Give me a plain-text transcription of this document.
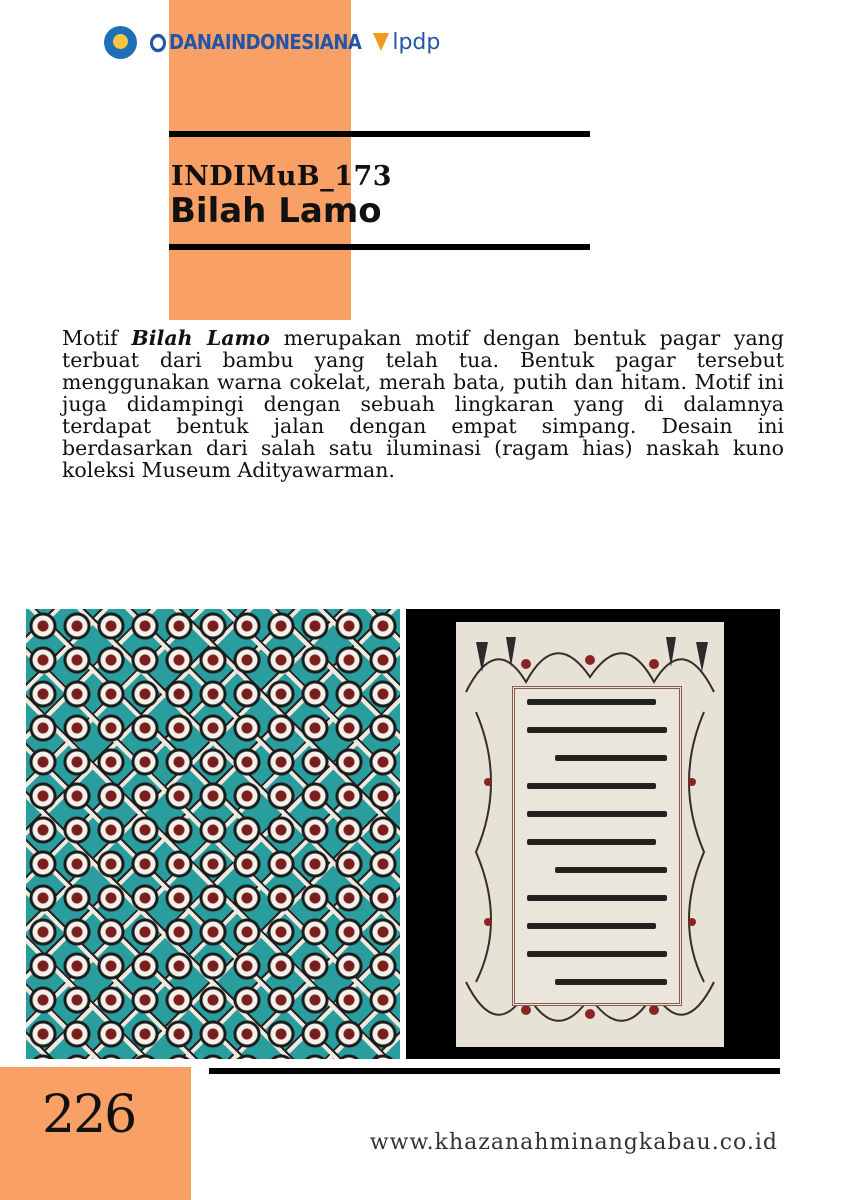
DANAINDONESIANA lpdp
INDIMuB_173
Bilah Lamo

Motif Bilah Lamo merupakan motif dengan bentuk pagar yang terbuat dari bambu yang telah tua. Bentuk pagar tersebut menggunakan warna cokelat, merah bata, putih dan hitam. Motif ini juga didampingi dengan sebuah lingkaran yang di dalamnya terdapat bentuk jalan dengan empat simpang. Desain ini berdasarkan dari salah satu iluminasi (ragam hias) naskah kuno koleksi Museum Adityawarman.

226	www.khazanahminangkabau.co.id
